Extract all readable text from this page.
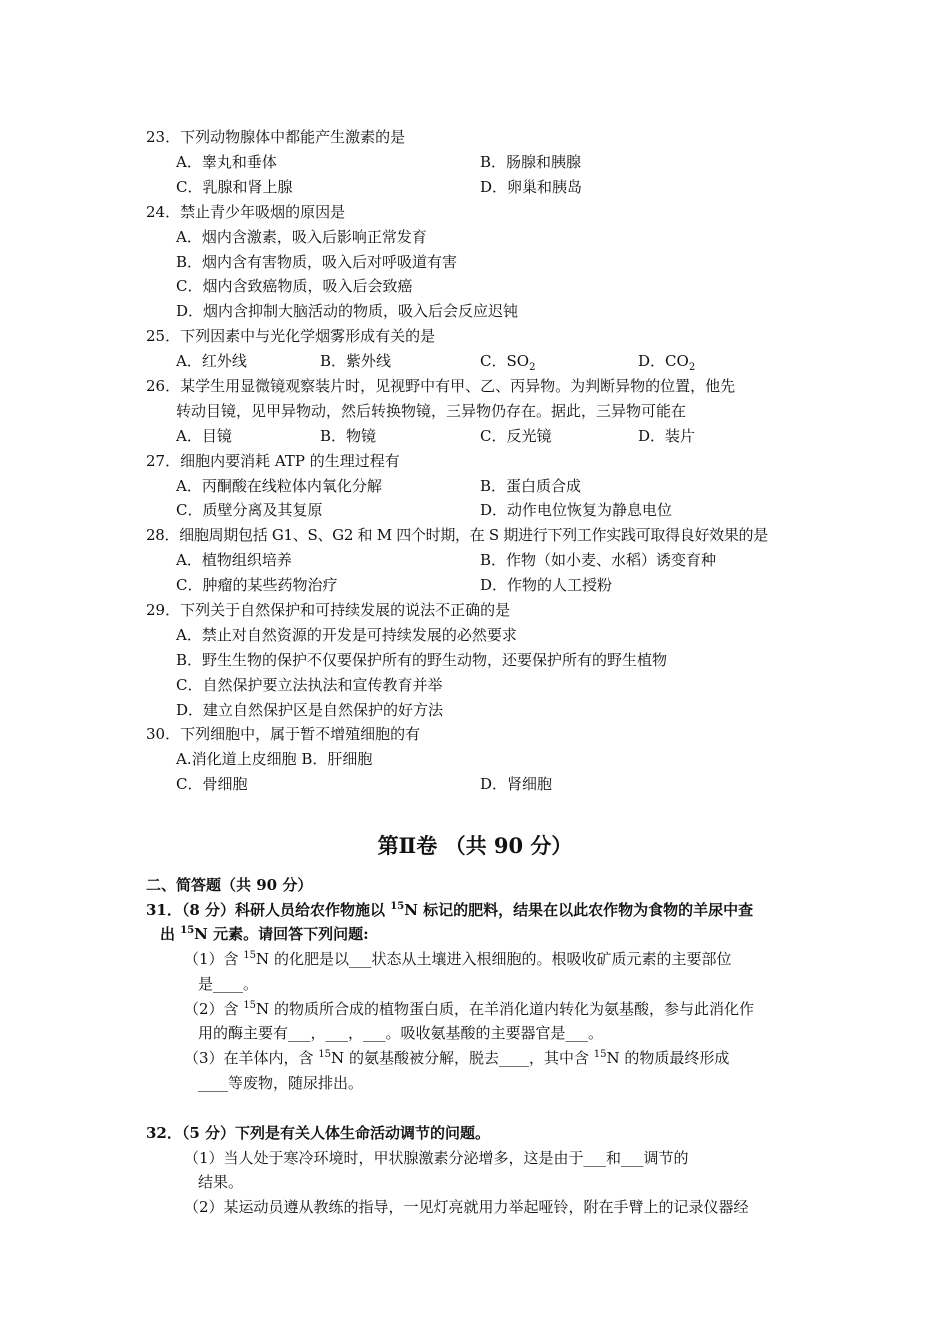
23．下列动物腺体中都能产生激素的是
A．睾丸和垂体	B．肠腺和胰腺
C．乳腺和肾上腺	D．卵巢和胰岛
24．禁止青少年吸烟的原因是
A．烟内含激素，吸入后影响正常发育
B．烟内含有害物质，吸入后对呼吸道有害
C．烟内含致癌物质，吸入后会致癌
D．烟内含抑制大脑活动的物质，吸入后会反应迟钝
25．下列因素中与光化学烟雾形成有关的是
A．红外线	B．紫外线	C．$SO_2$	D．$CO_2$
26．某学生用显微镜观察装片时，见视野中有甲、乙、丙异物。为判断异物的位置，他先
转动目镜，见甲异物动，然后转换物镜，三异物仍存在。据此，三异物可能在
A．目镜	B．物镜	C．反光镜	D．装片
27．细胞内要消耗 ATP 的生理过程有
A．丙酮酸在线粒体内氧化分解	B．蛋白质合成
C．质壁分离及其复原	D．动作电位恢复为静息电位
28．细胞周期包括 G1、S、G2 和 M 四个时期，在 S 期进行下列工作实践可取得良好效果的是
A．植物组织培养	B．作物（如小麦、水稻）诱变育种
C．肿瘤的某些药物治疗	D．作物的人工授粉
29．下列关于自然保护和可持续发展的说法不正确的是
A．禁止对自然资源的开发是可持续发展的必然要求
B．野生生物的保护不仅要保护所有的野生动物，还要保护所有的野生植物
C．自然保护要立法执法和宣传教育并举
D．建立自然保护区是自然保护的好方法
30．下列细胞中，属于暂不增殖细胞的有
A.消化道上皮细胞 B．肝细胞
C．骨细胞	D．肾细胞
第Ⅱ卷 （共 90 分）
二、简答题（共 90 分）
31．（8 分）科研人员给农作物施以 $^{15}$N 标记的肥料，结果在以此农作物为食物的羊尿中查
出 $^{15}$N 元素。请回答下列问题:
（1）含 $^{15}$N 的化肥是以___状态从土壤进入根细胞的。根吸收矿质元素的主要部位
是____。
（2）含 $^{15}$N 的物质所合成的植物蛋白质，在羊消化道内转化为氨基酸，参与此消化作
用的酶主要有___，___，___。吸收氨基酸的主要器官是___。
（3）在羊体内，含 $^{15}$N 的氨基酸被分解，脱去____，其中含 $^{15}$N 的物质最终形成
____等废物，随尿排出。
32．（5 分）下列是有关人体生命活动调节的问题。
（1）当人处于寒冷环境时，甲状腺激素分泌增多，这是由于___和___调节的
结果。
（2）某运动员遵从教练的指导，一见灯亮就用力举起哑铃，附在手臂上的记录仪器经
